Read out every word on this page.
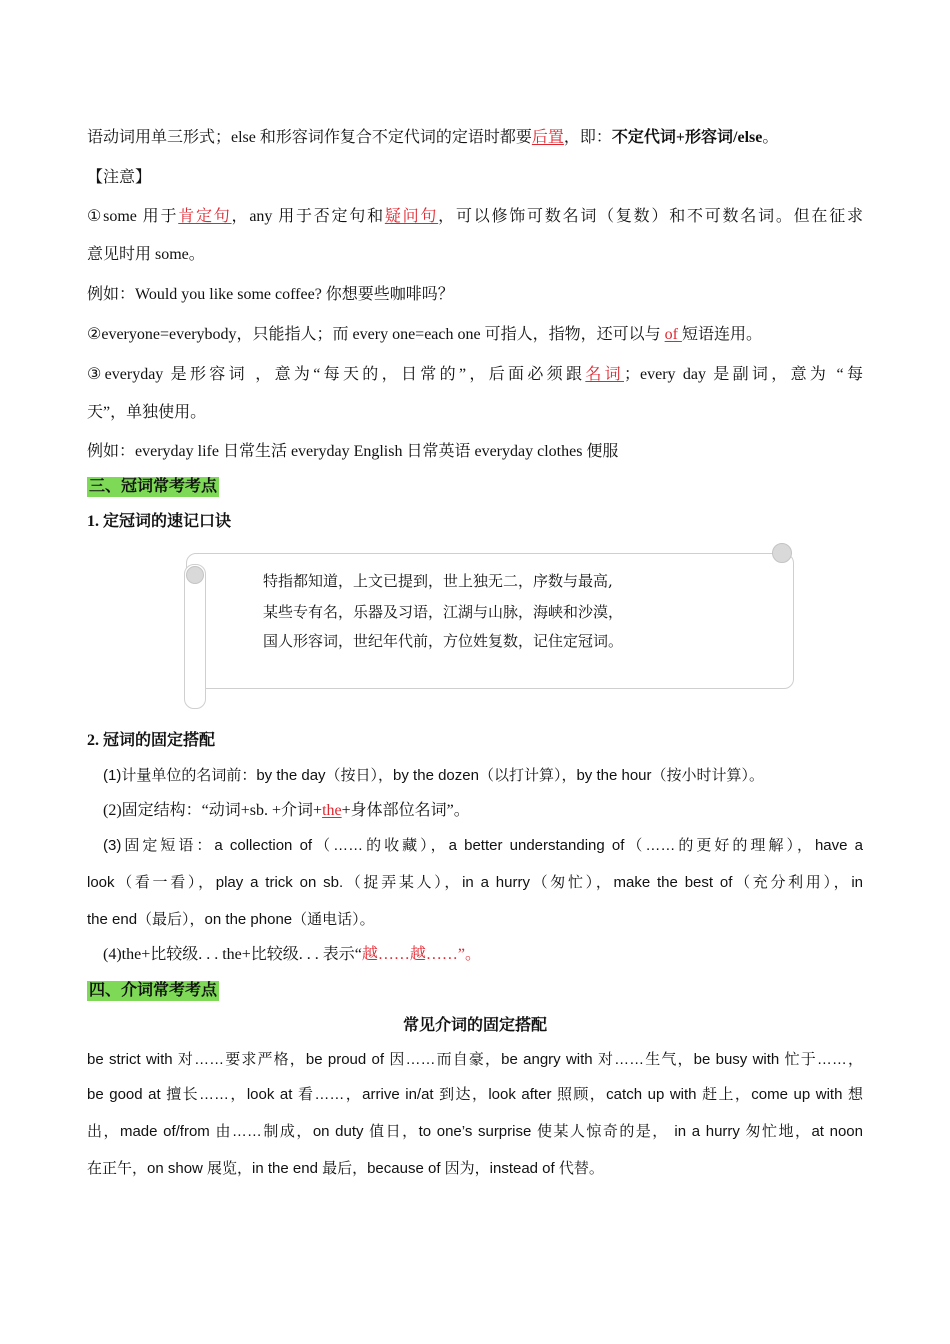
语动词用单三形式；else 和形容词作复合不定代词的定语时都要后置，即：不定代词+形容词/else。
【注意】
①some 用于肯定句，any 用于否定句和疑问句，可以修饰可数名词（复数）和不可数名词。但在征求
意见时用 some。
例如：Would you like some coffee? 你想要些咖啡吗？
②everyone=everybody，只能指人；而 every one=each one 可指人，指物，还可以与 of 短语连用。
③everyday 是形容词 ，意为“每天的，日常的”，后面必须跟名词；every day 是副词，意为 “每
天”，单独使用。
例如：everyday life 日常生活 everyday English 日常英语 everyday clothes 便服
三、冠词常考考点
1. 定冠词的速记口诀
特指都知道，上文已提到，世上独无二，序数与最高,
某些专有名，乐器及习语，江湖与山脉，海峡和沙漠，
国人形容词，世纪年代前，方位姓复数，记住定冠词。
2. 冠词的固定搭配
(1)计量单位的名词前：by the day（按日），by the dozen（以打计算），by the hour（按小时计算）。
(2)固定结构：“动词+sb. +介词+the+身体部位名词”。
(3)固定短语：a collection of（……的收藏），a better understanding of（……的更好的理解），have a
look（看一看），play a trick on sb.（捉弄某人），in a hurry（匆忙），make the best of（充分利用），in
the end（最后），on the phone（通电话）。
(4)the+比较级. . . the+比较级. . . 表示“越……越……”。
四、介词常考考点
常见介词的固定搭配
be strict with 对……要求严格，be proud of 因……而自豪，be angry with 对……生气，be busy with 忙于……，
be good at 擅长……，look at 看……，arrive in/at 到达，look after 照顾，catch up with 赶上，come up with 想
出，made of/from 由……制成，on duty 值日，to one’s surprise 使某人惊奇的是， in a hurry 匆忙地，at noon
在正午，on show 展览，in the end 最后，because of 因为，instead of 代替。
